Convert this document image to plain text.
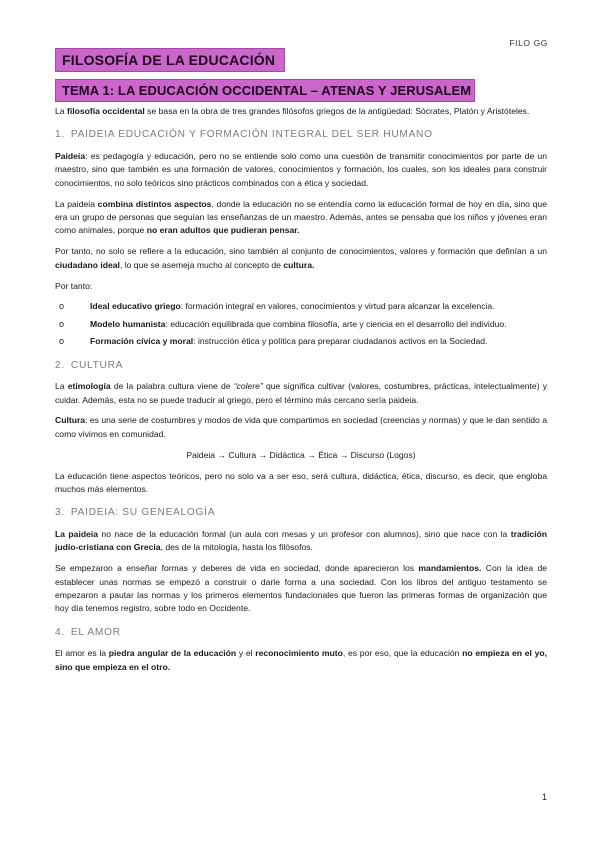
FILO GG
FILOSOFÍA DE LA EDUCACIÓN
TEMA 1: LA EDUCACIÓN OCCIDENTAL – ATENAS Y JERUSALEM

La filosofía occidental se basa en la obra de tres grandes filósofos griegos de la antigüedad: Sócrates, Platón y Aristóteles.

1. PAIDEIA EDUCACIÓN Y FORMACIÓN INTEGRAL DEL SER HUMANO

Paideia: es pedagogía y educación, pero no se entiende solo como una cuestión de transmitir conocimientos por parte de un maestro, sino que también es una formación de valores, conocimientos y formación, los cuales, son los ideales para construir conocimientos, no solo teóricos sino prácticos combinados con a ética y sociedad.

La paideia combina distintos aspectos, donde la educación no se entendía como la educación formal de hoy en día, sino que era un grupo de personas que seguían las enseñanzas de un maestro. Además, antes se pensaba que los niños y jóvenes eran como animales, porque no eran adultos que pudieran pensar.

Por tanto, no solo se refiere a la educación, sino también al conjunto de conocimientos, valores y formación que definían a un ciudadano ideal, lo que se asemeja mucho al concepto de cultura.

Por tanto:

o	Ideal educativo griego: formación integral en valores, conocimientos y virtud para alcanzar la excelencia.
o	Modelo humanista: educación equilibrada que combina filosofía, arte y ciencia en el desarrollo del individuo.
o	Formación cívica y moral: instrucción ética y política para preparar ciudadanos activos en la Sociedad.
2. CULTURA

La etimología de la palabra cultura viene de “colere” que significa cultivar (valores, costumbres, prácticas, intelectualmente) y cuidar. Además, esta no se puede traducir al griego, pero el término más cercano sería paideia.

Cultura: es una serie de costumbres y modos de vida que compartimos en sociedad (creencias y normas) y que le dan sentido a como vivimos en comunidad.

Paideia → Cultura → Didáctica → Ética → Discurso (Logos)

La educación tiene aspectos teóricos, pero no solo va a ser eso, será cultura, didáctica, ética, discurso, es decir, que engloba muchos más elementos.

3. PAIDEIA: SU GENEALOGÍA

La paideia no nace de la educación formal (un aula con mesas y un profesor con alumnos), sino que nace con la tradición judío-cristiana con Grecia, des de la mitología, hasta los filósofos.

Se empezaron a enseñar formas y deberes de vida en sociedad, donde aparecieron los mandamientos. Con la idea de establecer unas normas se empezó a construir o darle forma a una sociedad. Con los libros del antiguo testamento se empezaron a pautar las normas y los primeros elementos fundacionales que fueron las primeras formas de organización que hoy día tenemos registro, sobre todo en Occidente.

4. EL AMOR

El amor es la piedra angular de la educación y el reconocimiento muto, es por eso, que la educación no empieza en el yo, sino que empieza en el otro.

1
